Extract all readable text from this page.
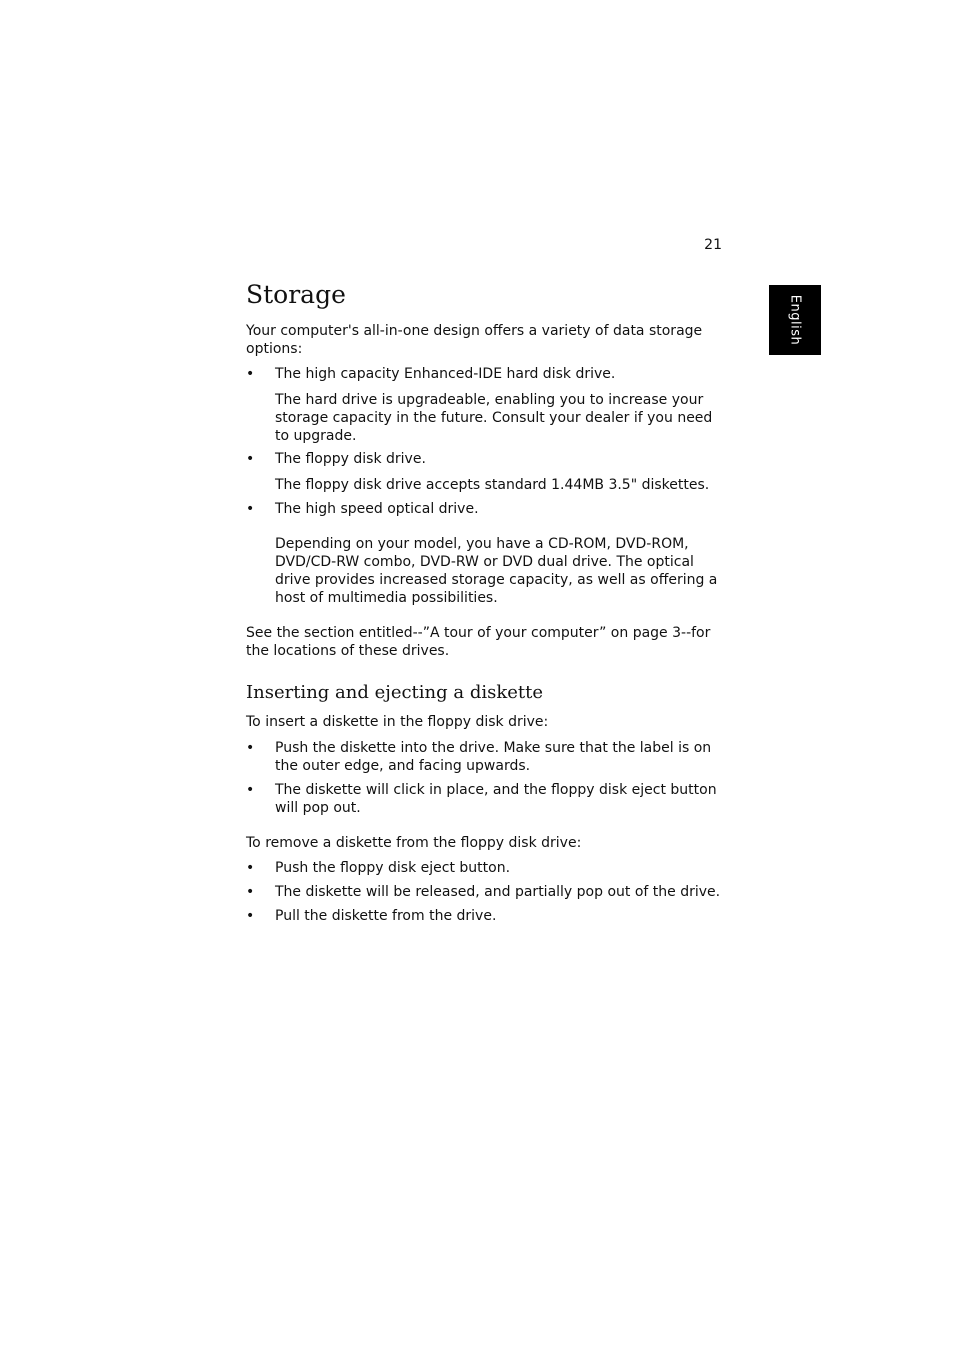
21
English
Storage

Your computer's all-in-one design offers a variety of data storage options:

• The high capacity Enhanced-IDE hard disk drive.

The hard drive is upgradeable, enabling you to increase your storage capacity in the future. Consult your dealer if you need to upgrade.

• The floppy disk drive.

The floppy disk drive accepts standard 1.44MB 3.5" diskettes.

• The high speed optical drive.

Depending on your model, you have a CD-ROM, DVD-ROM, DVD/CD-RW combo, DVD-RW or DVD dual drive. The optical drive provides increased storage capacity, as well as offering a host of multimedia possibilities.

See the section entitled--”A tour of your computer” on page 3--for the locations of these drives.

Inserting and ejecting a diskette

To insert a diskette in the floppy disk drive:

• Push the diskette into the drive. Make sure that the label is on the outer edge, and facing upwards.
• The diskette will click in place, and the floppy disk eject button will pop out.

To remove a diskette from the floppy disk drive:

• Push the floppy disk eject button.
• The diskette will be released, and partially pop out of the drive.
• Pull the diskette from the drive.
